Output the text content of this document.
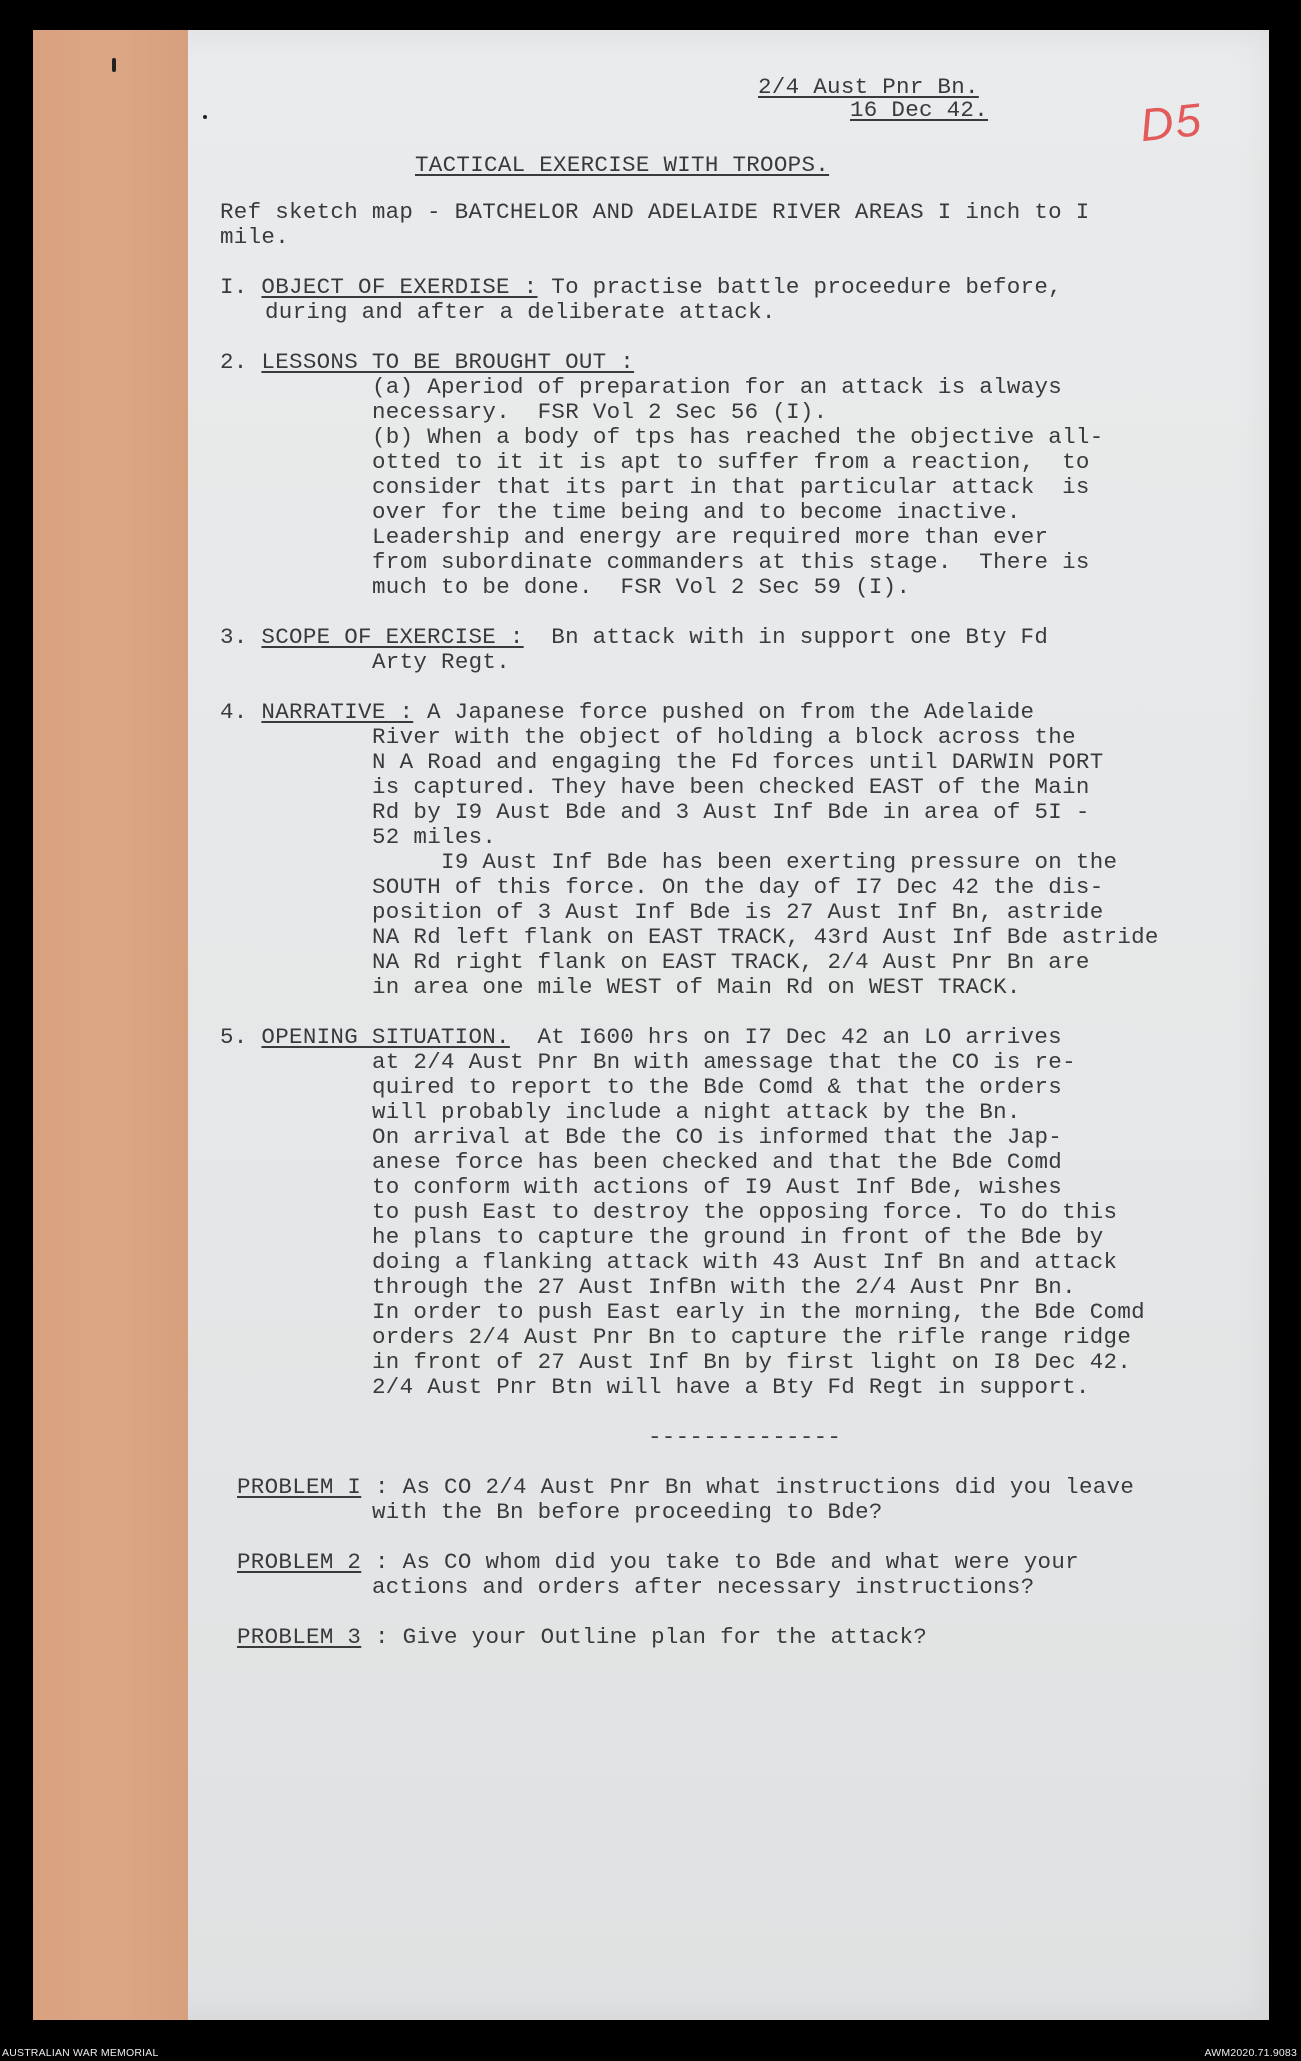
2/4 Aust Pnr Bn.
16 Dec 42.	D5
TACTICAL EXERCISE WITH TROOPS.
Ref sketch map - BATCHELOR AND ADELAIDE RIVER AREAS I inch to I
mile.
I. OBJECT OF EXERDISE : To practise battle proceedure before,
during and after a deliberate attack.
2. LESSONS TO BE BROUGHT OUT :
(a) Aperiod of preparation for an attack is always
necessary.  FSR Vol 2 Sec 56 (I).
(b) When a body of tps has reached the objective all-
otted to it it is apt to suffer from a reaction,  to
consider that its part in that particular attack  is
over for the time being and to become inactive.
Leadership and energy are required more than ever
from subordinate commanders at this stage.  There is
much to be done.  FSR Vol 2 Sec 59 (I).
3. SCOPE OF EXERCISE :  Bn attack with in support one Bty Fd
Arty Regt.
4. NARRATIVE : A Japanese force pushed on from the Adelaide
River with the object of holding a block across the
N A Road and engaging the Fd forces until DARWIN PORT
is captured. They have been checked EAST of the Main
Rd by I9 Aust Bde and 3 Aust Inf Bde in area of 5I -
52 miles.
I9 Aust Inf Bde has been exerting pressure on the
SOUTH of this force. On the day of I7 Dec 42 the dis-
position of 3 Aust Inf Bde is 27 Aust Inf Bn, astride
NA Rd left flank on EAST TRACK, 43rd Aust Inf Bde astride
NA Rd right flank on EAST TRACK, 2/4 Aust Pnr Bn are
in area one mile WEST of Main Rd on WEST TRACK.
5. OPENING SITUATION.  At I600 hrs on I7 Dec 42 an LO arrives
at 2/4 Aust Pnr Bn with amessage that the CO is re-
quired to report to the Bde Comd & that the orders
will probably include a night attack by the Bn.
On arrival at Bde the CO is informed that the Jap-
anese force has been checked and that the Bde Comd
to conform with actions of I9 Aust Inf Bde, wishes
to push East to destroy the opposing force. To do this
he plans to capture the ground in front of the Bde by
doing a flanking attack with 43 Aust Inf Bn and attack
through the 27 Aust InfBn with the 2/4 Aust Pnr Bn.
In order to push East early in the morning, the Bde Comd
orders 2/4 Aust Pnr Bn to capture the rifle range ridge
in front of 27 Aust Inf Bn by first light on I8 Dec 42.
2/4 Aust Pnr Btn will have a Bty Fd Regt in support.
--------------
PROBLEM I : As CO 2/4 Aust Pnr Bn what instructions did you leave
with the Bn before proceeding to Bde?
PROBLEM 2 : As CO whom did you take to Bde and what were your
actions and orders after necessary instructions?
PROBLEM 3 : Give your Outline plan for the attack?
AUSTRALIAN WAR MEMORIAL	AWM2020.71.9083
